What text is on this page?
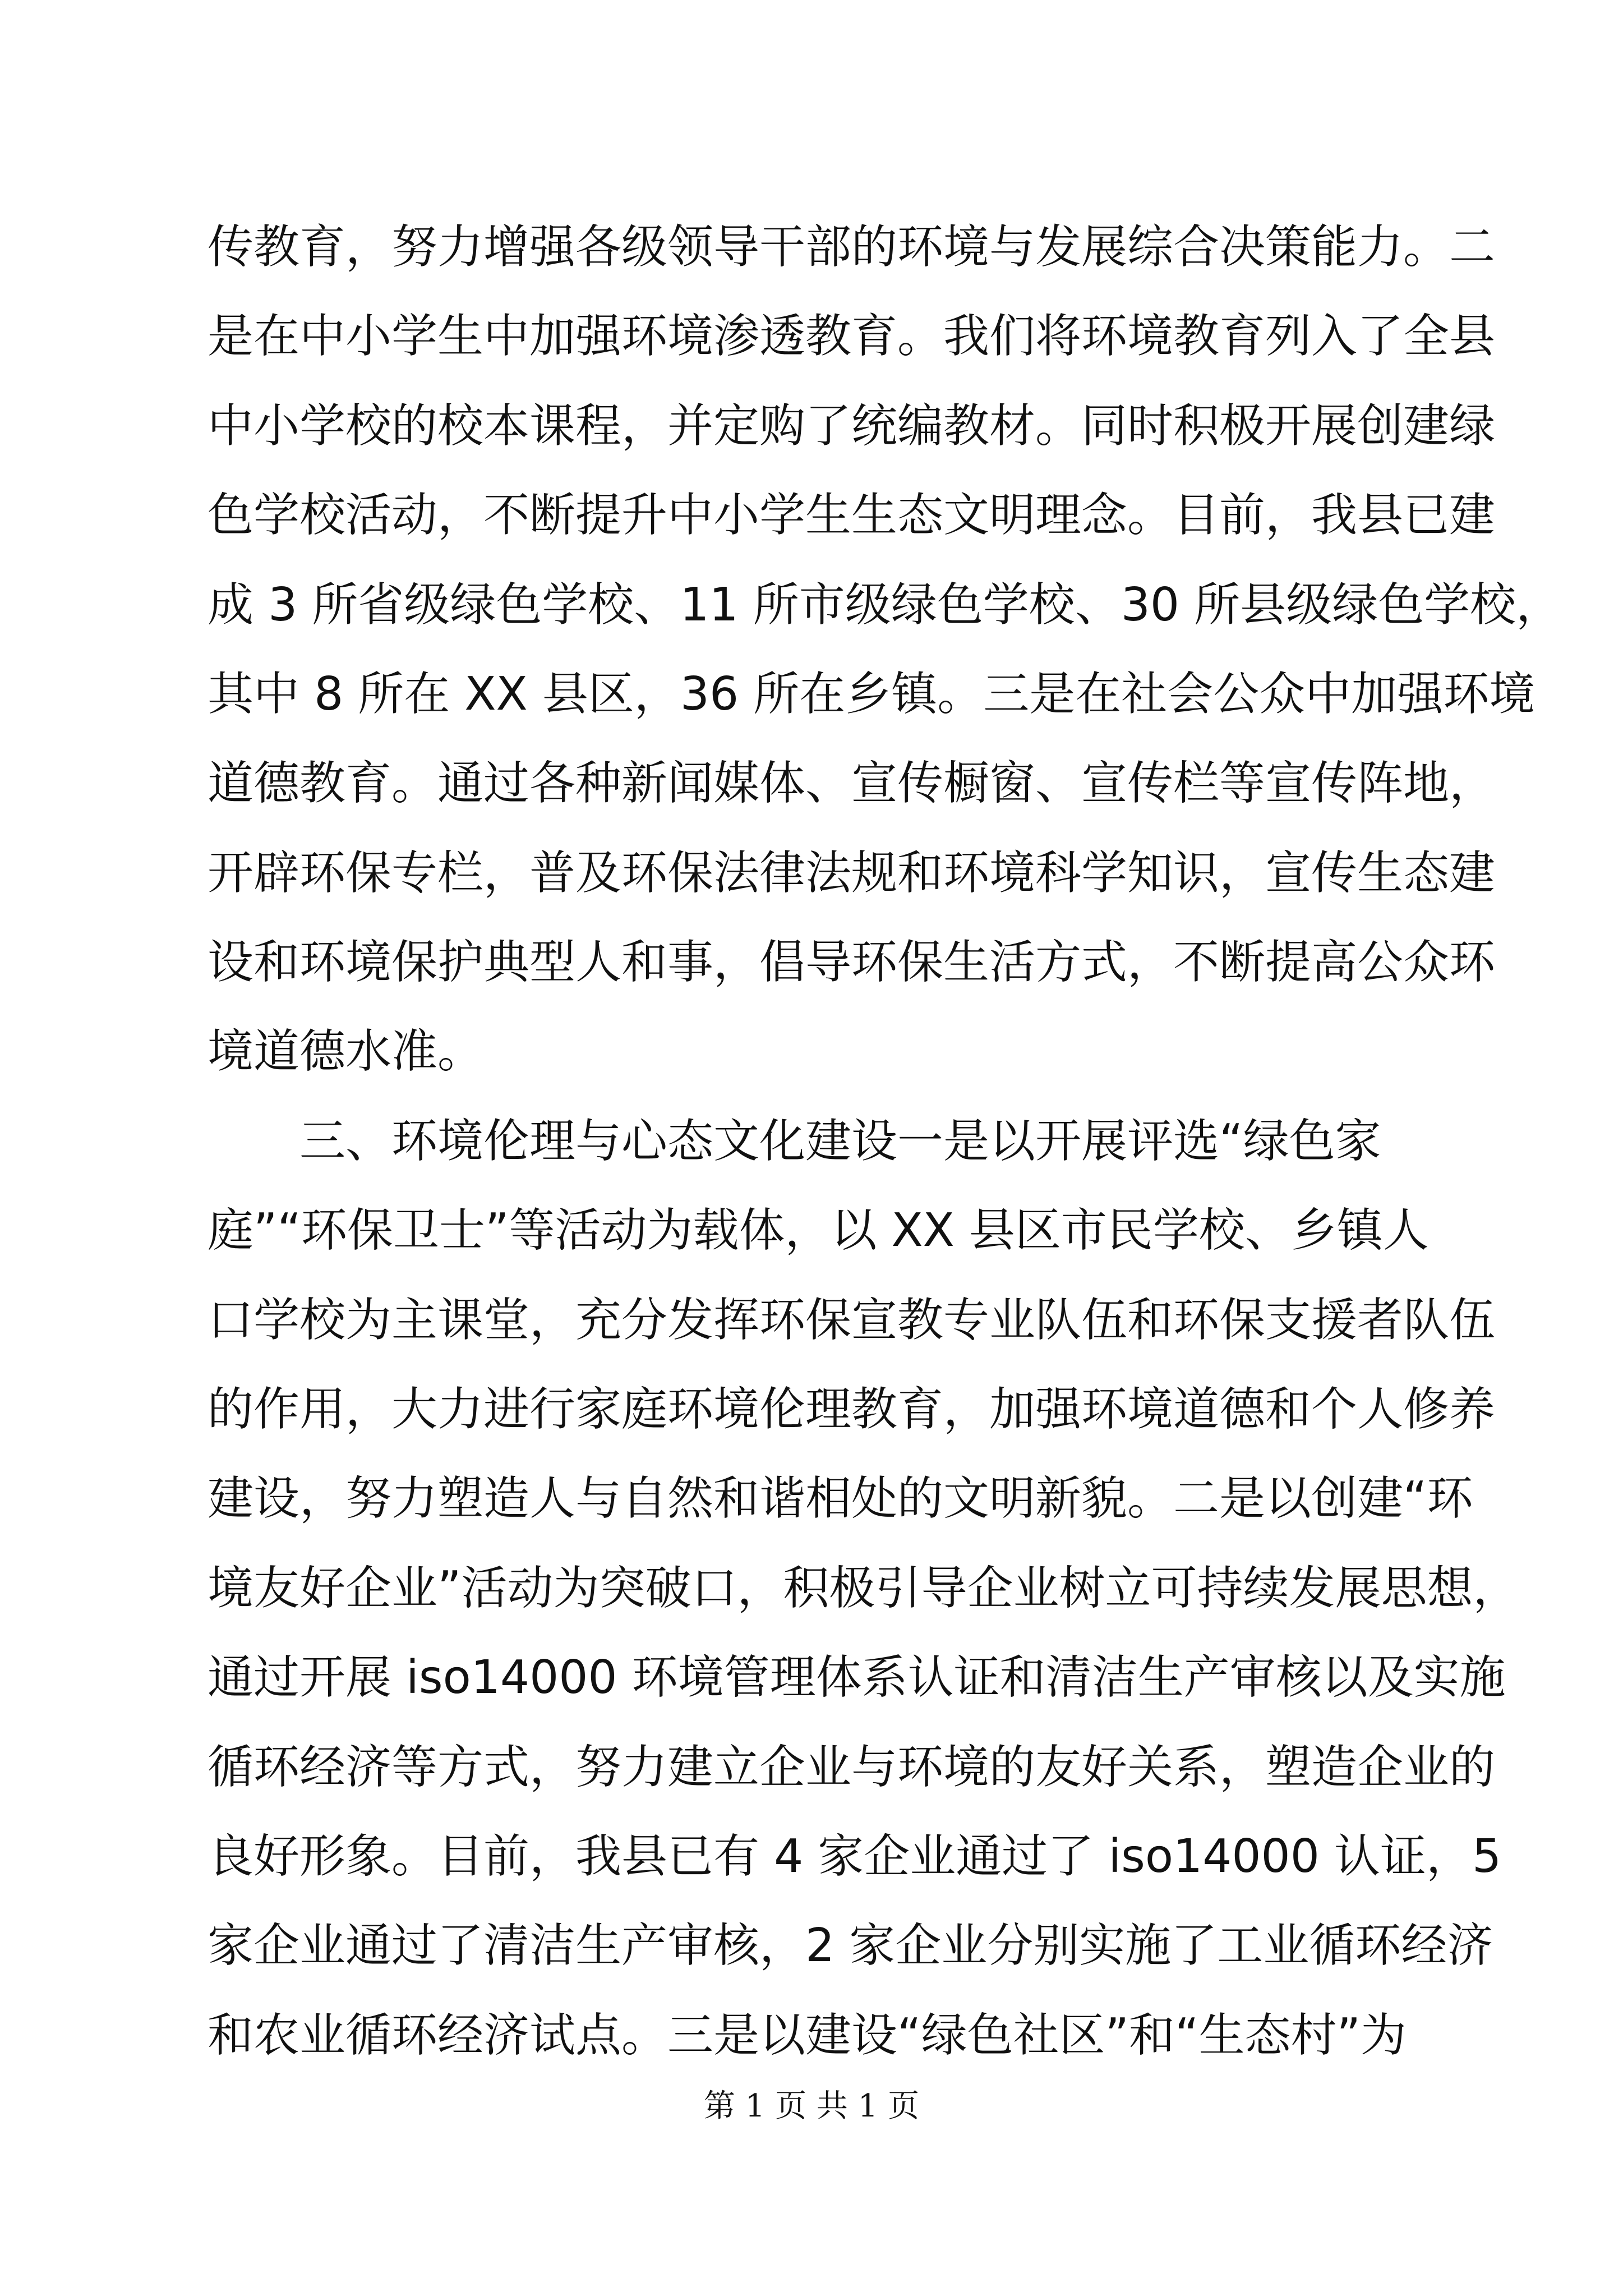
传教育，努力增强各级领导干部的环境与发展综合决策能力。二
是在中小学生中加强环境渗透教育。我们将环境教育列入了全县
中小学校的校本课程，并定购了统编教材。同时积极开展创建绿
色学校活动，不断提升中小学生生态文明理念。目前，我县已建
成 3 所省级绿色学校、11 所市级绿色学校、30 所县级绿色学校，
其中 8 所在 XX 县区，36 所在乡镇。三是在社会公众中加强环境
道德教育。通过各种新闻媒体、宣传橱窗、宣传栏等宣传阵地，
开辟环保专栏，普及环保法律法规和环境科学知识，宣传生态建
设和环境保护典型人和事，倡导环保生活方式，不断提高公众环
境道德水准。
三、环境伦理与心态文化建设一是以开展评选“绿色家
庭”“环保卫士”等活动为载体，以 XX 县区市民学校、乡镇人
口学校为主课堂，充分发挥环保宣教专业队伍和环保支援者队伍
的作用，大力进行家庭环境伦理教育，加强环境道德和个人修养
建设，努力塑造人与自然和谐相处的文明新貌。二是以创建“环
境友好企业”活动为突破口，积极引导企业树立可持续发展思想，
通过开展 iso14000 环境管理体系认证和清洁生产审核以及实施
循环经济等方式，努力建立企业与环境的友好关系，塑造企业的
良好形象。目前，我县已有 4 家企业通过了 iso14000 认证，5
家企业通过了清洁生产审核，2 家企业分别实施了工业循环经济
和农业循环经济试点。三是以建设“绿色社区”和“生态村”为
第 1 页 共 1 页
